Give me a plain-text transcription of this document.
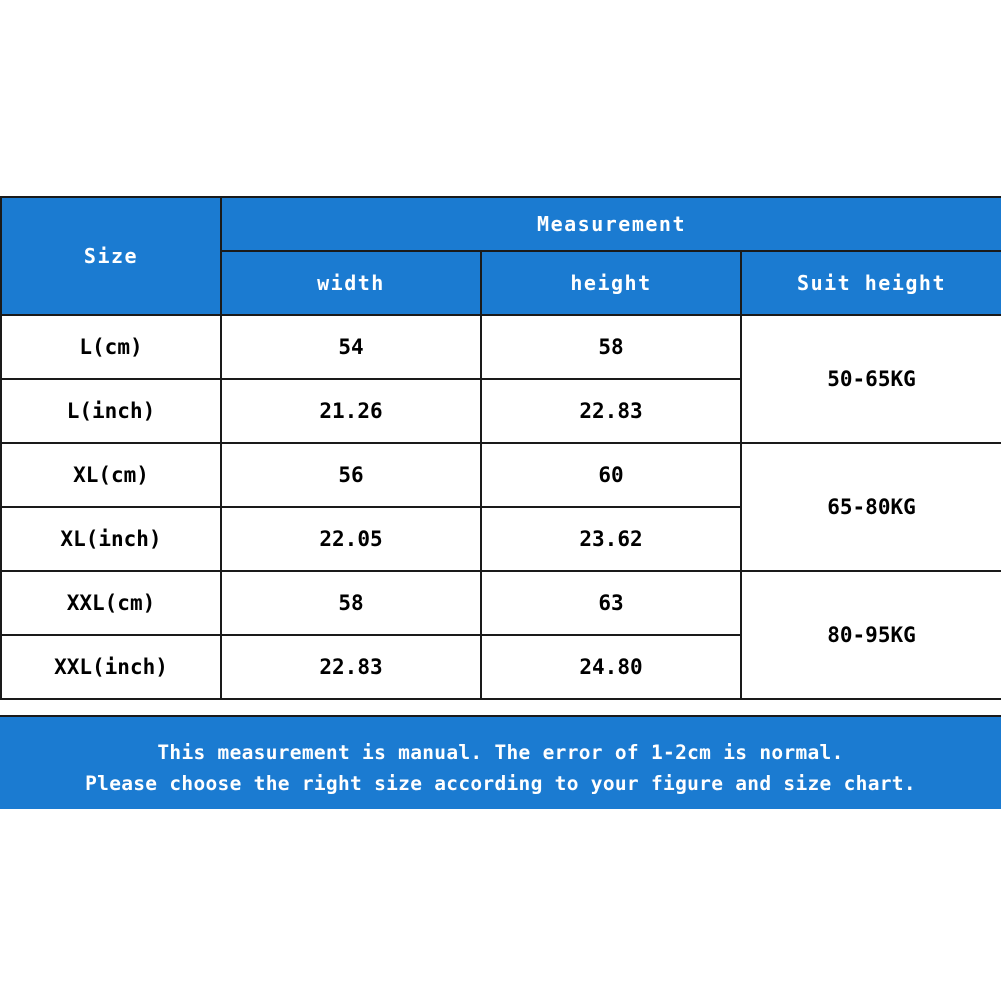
Size	Measurement		
	width	height	Suit height
L(cm)	54	58	50-65KG
L(inch)	21.26	22.83	
XL(cm)	56	60	65-80KG
XL(inch)	22.05	23.62	
XXL(cm)	58	63	80-95KG
XXL(inch)	22.83	24.80	
This measurement is manual. The error of 1-2cm is normal.
Please choose the right size according to your figure and size chart.
